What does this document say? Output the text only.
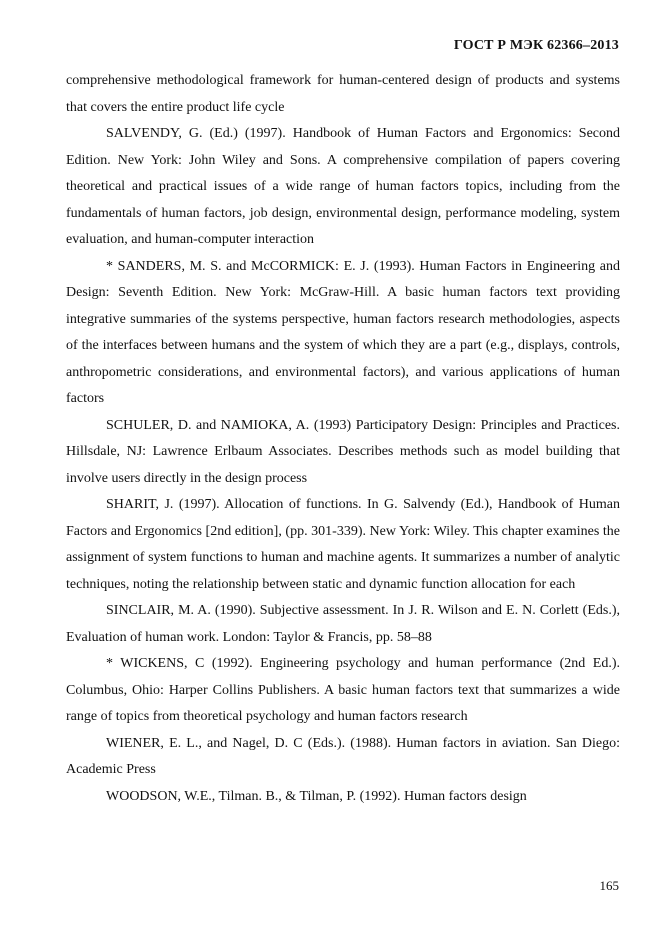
ГОСТ Р МЭК 62366–2013

comprehensive methodological framework for human-centered design of products and systems that covers the entire product life cycle

SALVENDY, G. (Ed.) (1997). Handbook of Human Factors and Ergonomics: Second Edition. New York: John Wiley and Sons. A comprehensive compilation of papers covering theoretical and practical issues of a wide range of human factors topics, including from the fundamentals of human factors, job design, environmental design, performance modeling, system evaluation, and human-computer interaction

* SANDERS, M. S. and McCORMICK: E. J. (1993). Human Factors in Engineering and Design: Seventh Edition. New York: McGraw-Hill. A basic human factors text providing integrative summaries of the systems perspective, human factors research methodologies, aspects of the interfaces between humans and the system of which they are a part (e.g., displays, controls, anthropometric considerations, and environmental factors), and various applications of human factors

SCHULER, D. and NAMIOKA, A. (1993) Participatory Design: Principles and Practices. Hillsdale, NJ: Lawrence Erlbaum Associates. Describes methods such as model building that involve users directly in the design process

SHARIT, J. (1997). Allocation of functions. In G. Salvendy (Ed.), Handbook of Human Factors and Ergonomics [2nd edition], (pp. 301-339). New York: Wiley. This chapter examines the assignment of system functions to human and machine agents. It summarizes a number of analytic techniques, noting the relationship between static and dynamic function allocation for each

SINCLAIR, M. A. (1990). Subjective assessment. In J. R. Wilson and E. N. Corlett (Eds.), Evaluation of human work. London: Taylor & Francis, pp. 58–88

* WICKENS, C (1992). Engineering psychology and human performance (2nd Ed.). Columbus, Ohio: Harper Collins Publishers. A basic human factors text that summarizes a wide range of topics from theoretical psychology and human factors research

WIENER, E. L., and Nagel, D. C (Eds.). (1988). Human factors in aviation. San Diego: Academic Press

WOODSON, W.E., Tilman. B., & Tilman, P. (1992). Human factors design

165
